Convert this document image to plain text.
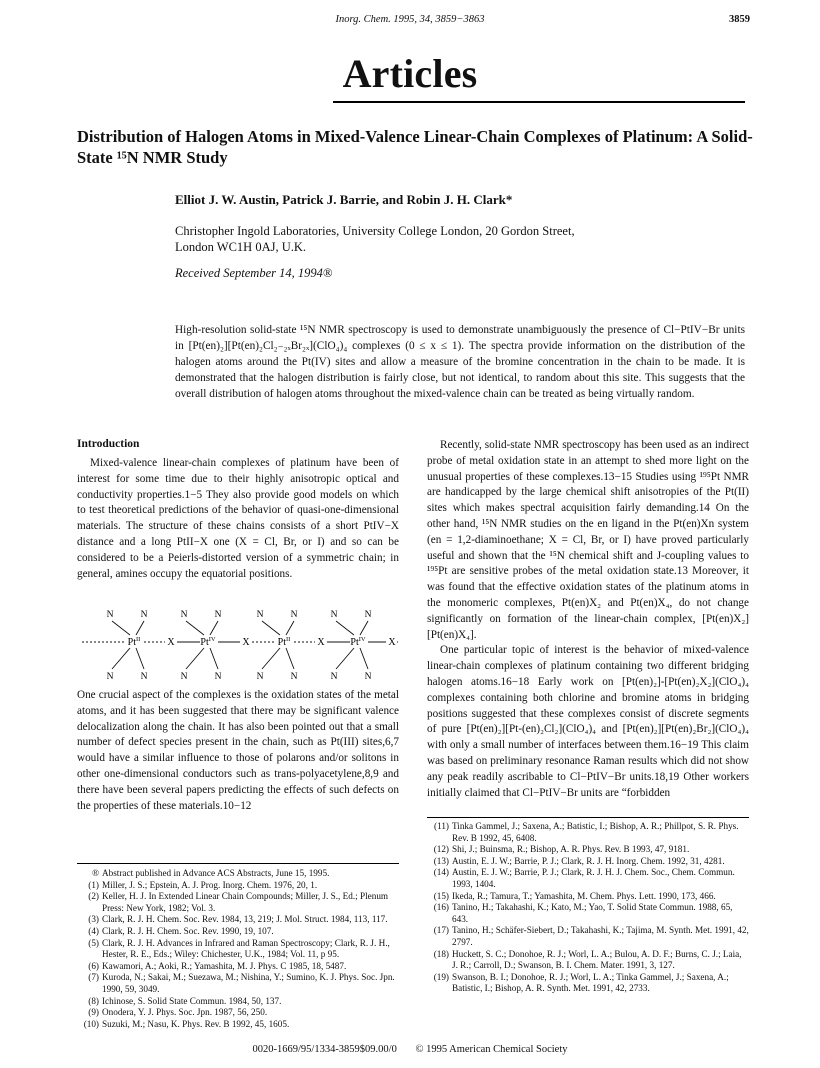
Inorg. Chem. 1995, 34, 3859−3863	3859
Articles
Distribution of Halogen Atoms in Mixed-Valence Linear-Chain Complexes of Platinum: A Solid-State ¹⁵N NMR Study
Elliot J. W. Austin, Patrick J. Barrie, and Robin J. H. Clark*
Christopher Ingold Laboratories, University College London, 20 Gordon Street,
London WC1H 0AJ, U.K.
Received September 14, 1994®
High-resolution solid-state ¹⁵N NMR spectroscopy is used to demonstrate unambiguously the presence of Cl−PtIV−Br units in [Pt(en)₂][Pt(en)₂Cl₂₋₂ₓBr₂ₓ](ClO₄)₄ complexes (0 ≤ x ≤ 1). The spectra provide information on the distribution of the halogen atoms around the Pt(IV) sites and allow a measure of the bromine concentration in the chain to be made. It is demonstrated that the halogen distribution is fairly close, but not identical, to random about this site. This suggests that the overall distribution of halogen atoms throughout the mixed-valence chain can be treated as being virtually random.
Introduction

Mixed-valence linear-chain complexes of platinum have been of interest for some time due to their highly anisotropic optical and conductivity properties.1−5 They also provide good models on which to test theoretical predictions of the behavior of quasi-one-dimensional materials. The structure of these chains consists of a short PtIV−X distance and a long PtII−X one (X = Cl, Br, or I) and so can be considered to be a Peierls-distorted version of a symmetric chain; in general, amines occupy the equatorial positions.

$Pt^{II}$
N	N
N	N
X	$Pt^{IV}$
N	N
N	N
X	$Pt^{II}$
N	N
N	N
X	$Pt^{IV}$
N	N
N	N
X

One crucial aspect of the complexes is the oxidation states of the metal atoms, and it has been suggested that there may be significant valence delocalization along the chain. It has also been pointed out that a small number of defect species present in the chain, such as Pt(III) sites,6,7 would have a similar influence to those of polarons and/or solitons in other one-dimensional conductors such as trans-polyacetylene,8,9 and there have been several papers predicting the effects of such defects on the properties of these materials.10−12

® Abstract published in Advance ACS Abstracts, June 15, 1995.
(1) Miller, J. S.; Epstein, A. J. Prog. Inorg. Chem. 1976, 20, 1.
(2) Keller, H. J. In Extended Linear Chain Compounds; Miller, J. S., Ed.; Plenum Press: New York, 1982; Vol. 3.
(3) Clark, R. J. H. Chem. Soc. Rev. 1984, 13, 219; J. Mol. Struct. 1984, 113, 117.
(4) Clark, R. J. H. Chem. Soc. Rev. 1990, 19, 107.
(5) Clark, R. J. H. Advances in Infrared and Raman Spectroscopy; Clark, R. J. H., Hester, R. E., Eds.; Wiley: Chichester, U.K., 1984; Vol. 11, p 95.
(6) Kawamori, A.; Aoki, R.; Yamashita, M. J. Phys. C 1985, 18, 5487.
(7) Kuroda, N.; Sakai, M.; Suezawa, M.; Nishina, Y.; Sumino, K. J. Phys. Soc. Jpn. 1990, 59, 3049.
(8) Ichinose, S. Solid State Commun. 1984, 50, 137.
(9) Onodera, Y. J. Phys. Soc. Jpn. 1987, 56, 250.
(10) Suzuki, M.; Nasu, K. Phys. Rev. B 1992, 45, 1605.

Recently, solid-state NMR spectroscopy has been used as an indirect probe of metal oxidation state in an attempt to shed more light on the unusual properties of these complexes.13−15 Studies using ¹⁹⁵Pt NMR are handicapped by the large chemical shift anisotropies of the Pt(II) sites which makes spectral acquisition fairly demanding.14 On the other hand, ¹⁵N NMR studies on the en ligand in the Pt(en)Xn system (en = 1,2-diaminoethane; X = Cl, Br, or I) have proved particularly useful and shown that the ¹⁵N chemical shift and J-coupling values to ¹⁹⁵Pt are sensitive probes of the metal oxidation state.13 Moreover, it was found that the effective oxidation states of the platinum atoms in the monomeric complexes, Pt(en)X₂ and Pt(en)X₄, do not change significantly on formation of the linear-chain complex, [Pt(en)X₂][Pt(en)X₄].

One particular topic of interest is the behavior of mixed-valence linear-chain complexes of platinum containing two different bridging halogen atoms.16−18 Early work on [Pt(en)₂]-[Pt(en)₂X₂](ClO₄)₄ complexes containing both chlorine and bromine atoms in bridging positions suggested that these complexes consist of discrete segments of pure [Pt(en)₂][Pt-(en)₂Cl₂](ClO₄)₄ and [Pt(en)₂][Pt(en)₂Br₂](ClO₄)₄ with only a small number of interfaces between them.16−19 This claim was based on preliminary resonance Raman results which did not show any peak readily ascribable to Cl−PtIV−Br units.18,19 Other workers initially claimed that Cl−PtIV−Br units are “forbidden

(11) Tinka Gammel, J.; Saxena, A.; Batistic, I.; Bishop, A. R.; Phillpot, S. R. Phys. Rev. B 1992, 45, 6408.
(12) Shi, J.; Buinsma, R.; Bishop, A. R. Phys. Rev. B 1993, 47, 9181.
(13) Austin, E. J. W.; Barrie, P. J.; Clark, R. J. H. Inorg. Chem. 1992, 31, 4281.
(14) Austin, E. J. W.; Barrie, P. J.; Clark, R. J. H. J. Chem. Soc., Chem. Commun. 1993, 1404.
(15) Ikeda, R.; Tamura, T.; Yamashita, M. Chem. Phys. Lett. 1990, 173, 466.
(16) Tanino, H.; Takahashi, K.; Kato, M.; Yao, T. Solid State Commun. 1988, 65, 643.
(17) Tanino, H.; Schäfer-Siebert, D.; Takahashi, K.; Tajima, M. Synth. Met. 1991, 42, 2797.
(18) Huckett, S. C.; Donohoe, R. J.; Worl, L. A.; Bulou, A. D. F.; Burns, C. J.; Laia, J. R.; Carroll, D.; Swanson, B. I. Chem. Mater. 1991, 3, 127.
(19) Swanson, B. I.; Donohoe, R. J.; Worl, L. A.; Tinka Gammel, J.; Saxena, A.; Batistic, I.; Bishop, A. R. Synth. Met. 1991, 42, 2733.
0020-1669/95/1334-3859$09.00/0 © 1995 American Chemical Society
